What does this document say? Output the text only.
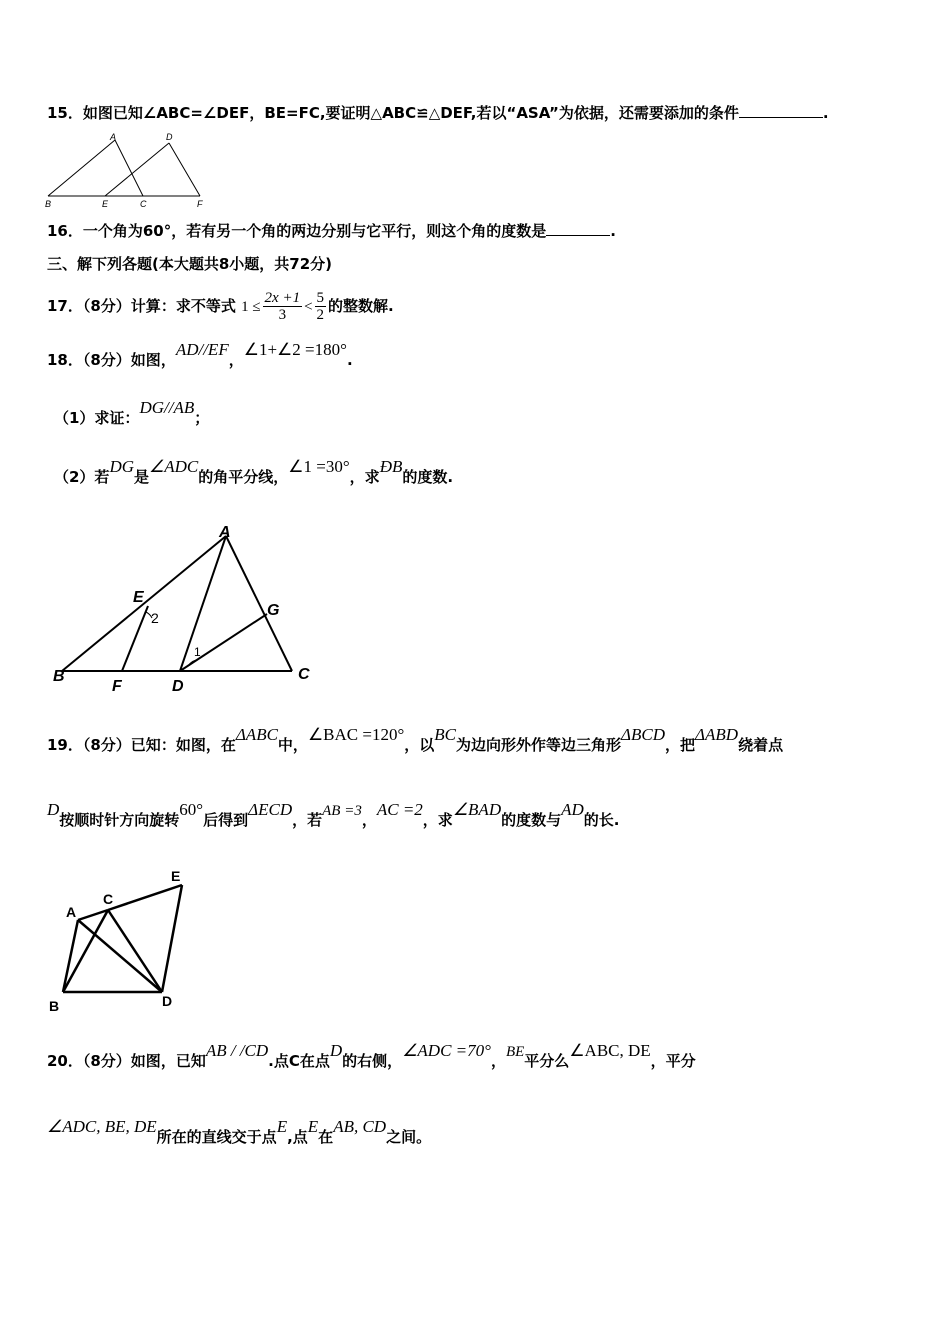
15．如图已知∠ABC=∠DEF，BE=FC,要证明△ABC≌△DEF,若以“ASA”为依据，还需要添加的条件	.
A	D
B	E	C	F
16．一个角为60°，若有另一个角的两边分别与它平行，则这个角的度数是	.
三、解下列各题(本大题共8小题，共72分)
17．（8分）计算：求不等式 $1 \le \frac{2x +1}{3} < \frac{5}{2}$ 的整数解.
18．（8分）如图，AD//EF，∠1+∠2 =180°.
（1）求证：DG//AB；
（2）若DG是∠ADC的角平分线，∠1 =30°，求ÐB的度数.
A
E
G
B
F	D
C
1
2
19．（8分）已知：如图，在ΔABC中，∠BAC =120°，以BC为边向形外作等边三角形ΔBCD，把ΔABD绕着点
D按顺时针方向旋转60°后得到ΔECD，若AB =3，AC =2，求∠BAD的度数与AD的长.
A
C
E
B	D
20．（8分）如图，已知AB / /CD.点C在点D的右侧，∠ADC =70°，BE平分么∠ABC, DE，平分
∠ADC, BE, DE所在的直线交于点E,点E在AB, CD之间。
